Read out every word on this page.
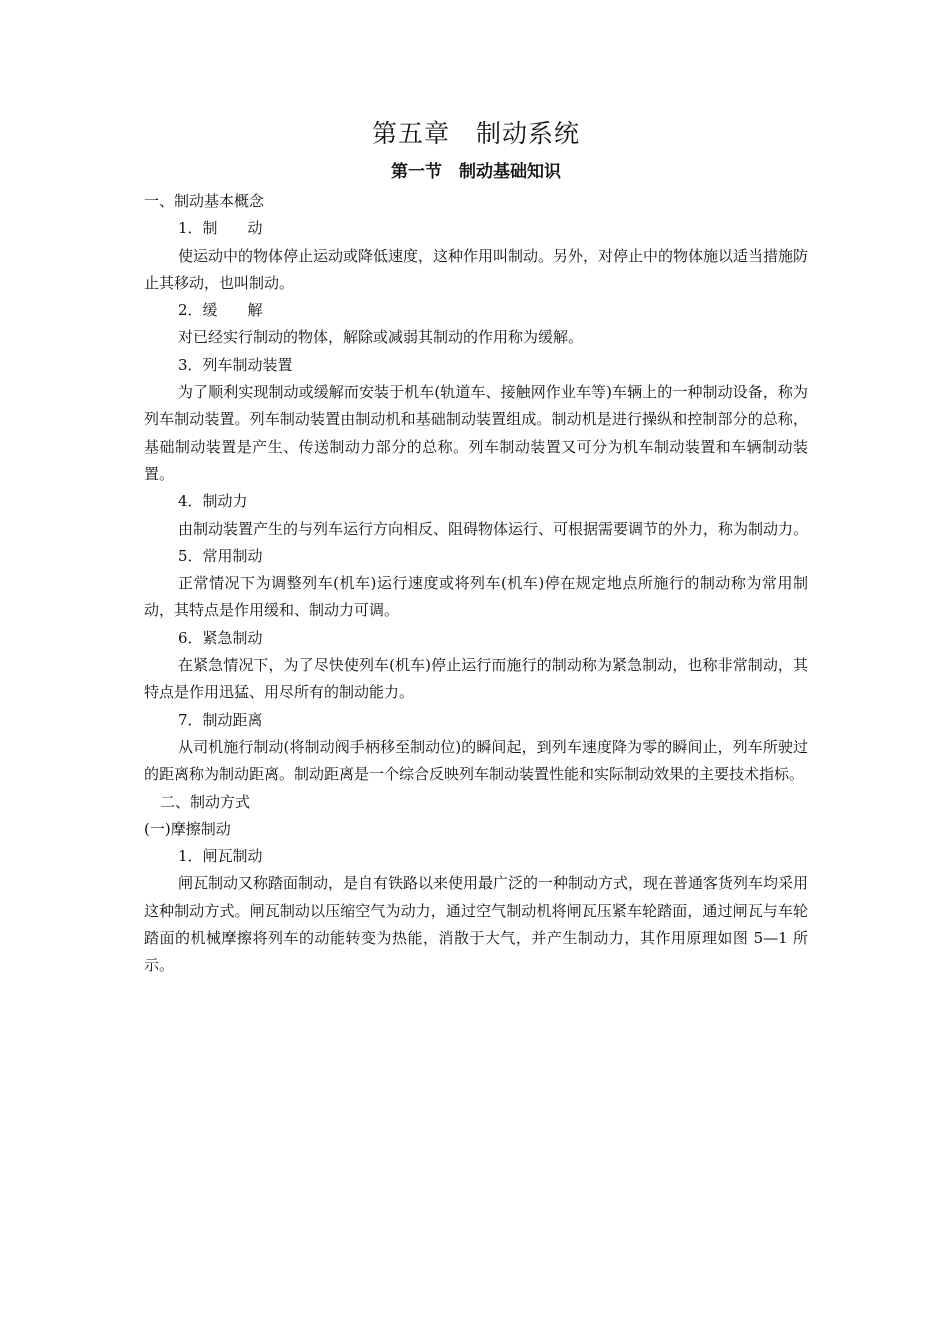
第五章　制动系统
第一节　制动基础知识

一、制动基本概念

1．制　　动

使运动中的物体停止运动或降低速度，这种作用叫制动。另外，对停止中的物体施以适当措施防止其移动，也叫制动。

2．缓　　解

对已经实行制动的物体，解除或减弱其制动的作用称为缓解。

3．列车制动装置

为了顺利实现制动或缓解而安装于机车(轨道车、接触网作业车等)车辆上的一种制动设备，称为列车制动装置。列车制动装置由制动机和基础制动装置组成。制动机是进行操纵和控制部分的总称，基础制动装置是产生、传送制动力部分的总称。列车制动装置又可分为机车制动装置和车辆制动装置。

4．制动力

由制动装置产生的与列车运行方向相反、阻碍物体运行、可根据需要调节的外力，称为制动力。

5．常用制动

正常情况下为调整列车(机车)运行速度或将列车(机车)停在规定地点所施行的制动称为常用制动，其特点是作用缓和、制动力可调。

6．紧急制动

在紧急情况下，为了尽快使列车(机车)停止运行而施行的制动称为紧急制动，也称非常制动，其特点是作用迅猛、用尽所有的制动能力。

7．制动距离

从司机施行制动(将制动阀手柄移至制动位)的瞬间起，到列车速度降为零的瞬间止，列车所驶过的距离称为制动距离。制动距离是一个综合反映列车制动装置性能和实际制动效果的主要技术指标。

二、制动方式

(一)摩擦制动

1．闸瓦制动

闸瓦制动又称踏面制动，是自有铁路以来使用最广泛的一种制动方式，现在普通客货列车均采用这种制动方式。闸瓦制动以压缩空气为动力，通过空气制动机将闸瓦压紧车轮踏面，通过闸瓦与车轮踏面的机械摩擦将列车的动能转变为热能，消散于大气，并产生制动力，其作用原理如图 5—1 所示。
